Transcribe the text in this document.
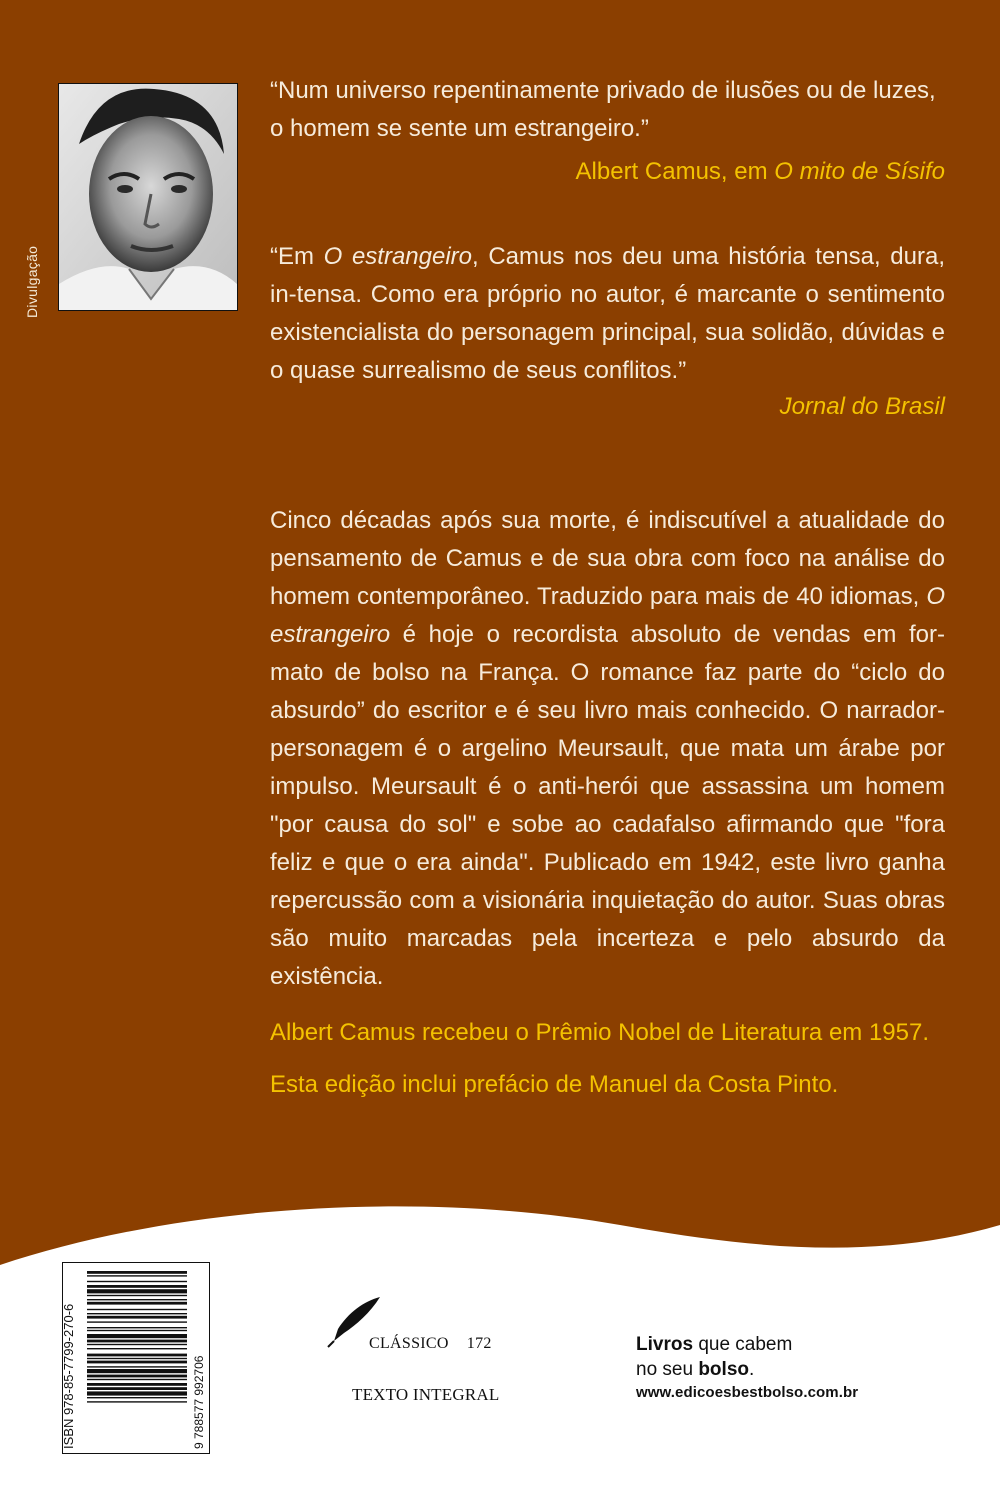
Divulgação

“Num universo repentinamente privado de ilusões ou de luzes,

o homem se sente um estrangeiro.”

Albert Camus, em O mito de Sísifo

“Em O estrangeiro, Camus nos deu uma história tensa, dura, in-tensa. Como era próprio no autor, é marcante o sentimento existencialista do personagem principal, sua solidão, dúvidas e o quase surrealismo de seus conflitos.”

Jornal do Brasil

Cinco décadas após sua morte, é indiscutível a atualidade do pensamento de Camus e de sua obra com foco na análise do homem contemporâneo. Traduzido para mais de 40 idiomas, O estrangeiro é hoje o recordista absoluto de vendas em for-mato de bolso na França. O romance faz parte do “ciclo do absurdo” do escritor e é seu livro mais conhecido. O narrador-personagem é o argelino Meursault, que mata um árabe por impulso. Meursault é o anti-herói que assassina um homem "por causa do sol" e sobe ao cadafalso afirmando que "fora feliz e que o era ainda". Publicado em 1942, este livro ganha repercussão com a visionária inquietação do autor. Suas obras são muito marcadas pela incerteza e pelo absurdo da existência.

Albert Camus recebeu o Prêmio Nobel de Literatura em 1957.
Esta edição inclui prefácio de Manuel da Costa Pinto.
ISBN 978-85-7799-270-6	9 788577 992706
CLÁSSICO 172
TEXTO INTEGRAL
Livros que cabem
no seu bolso.
www.edicoesbestbolso.com.br
